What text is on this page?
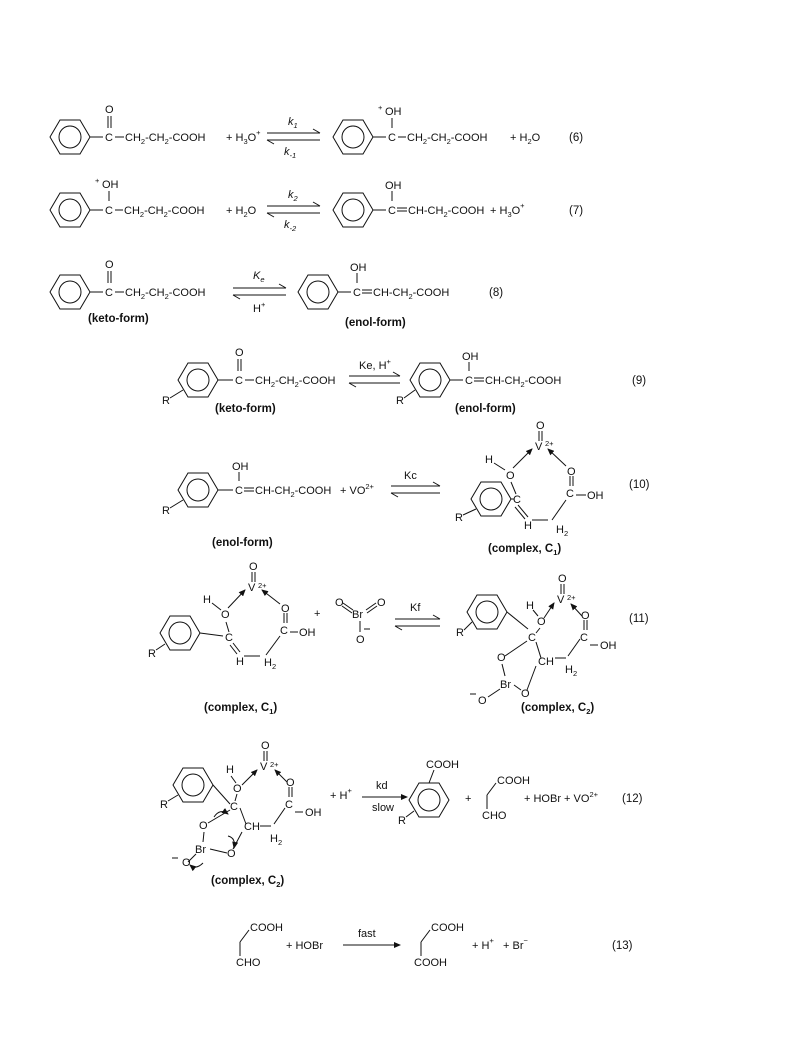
C
O
$CH_2-CH_2$-COOH + $H_3O^+$
$k_1$
$k_{-1}$
C
+ OH
$CH_2-CH_2$-COOH + $H_2O$	(6)
C
+ OH
$CH_2-CH_2$-COOH + $H_2O$
$k_2$
$k_{-2}$
C
OH
$CH-CH_2$-COOH + $H_3O^+$	(7)
C
O
$CH_2-CH_2$-COOH
(keto-form)
$K_e$
H+
C
OH
$CH-CH_2$-COOH
(enol-form)
(8)
R
C
O
$CH_2-CH_2$-COOH
(keto-form)
Ke, H+
R
C
OH
$CH-CH_2$-COOH
(enol-form)
(9)
R
C
OH
$CH-CH_2$-COOH + $VO^{2+}$
Kc
(enol-form)
R
H
O
C
H $H_2$
C
O
OH
V 2+
O
(complex, $C_1$)
(10)
R
H
O
C
H $H_2$
C
O
OH
V 2+
O
(complex, $C_1$)
+
O
Br
O
O
Kf
R
H
O
C
CH
$H_2$
C
O
OH
V 2+
O
O
Br
O
O
(complex, $C_2$)
(11)
R
H
O
C
CH
$H_2$
C
O
OH
V 2+
O
O
Br O
O
(complex, $C_2$)
+ H+ kd
slow
COOH
R
+
COOH
CHO
+ HOBr + $VO^{2+}$ (12)
COOH
CHO
+ HOBr
fast	COOH
COOH
+ H+ + Br−	(13)
